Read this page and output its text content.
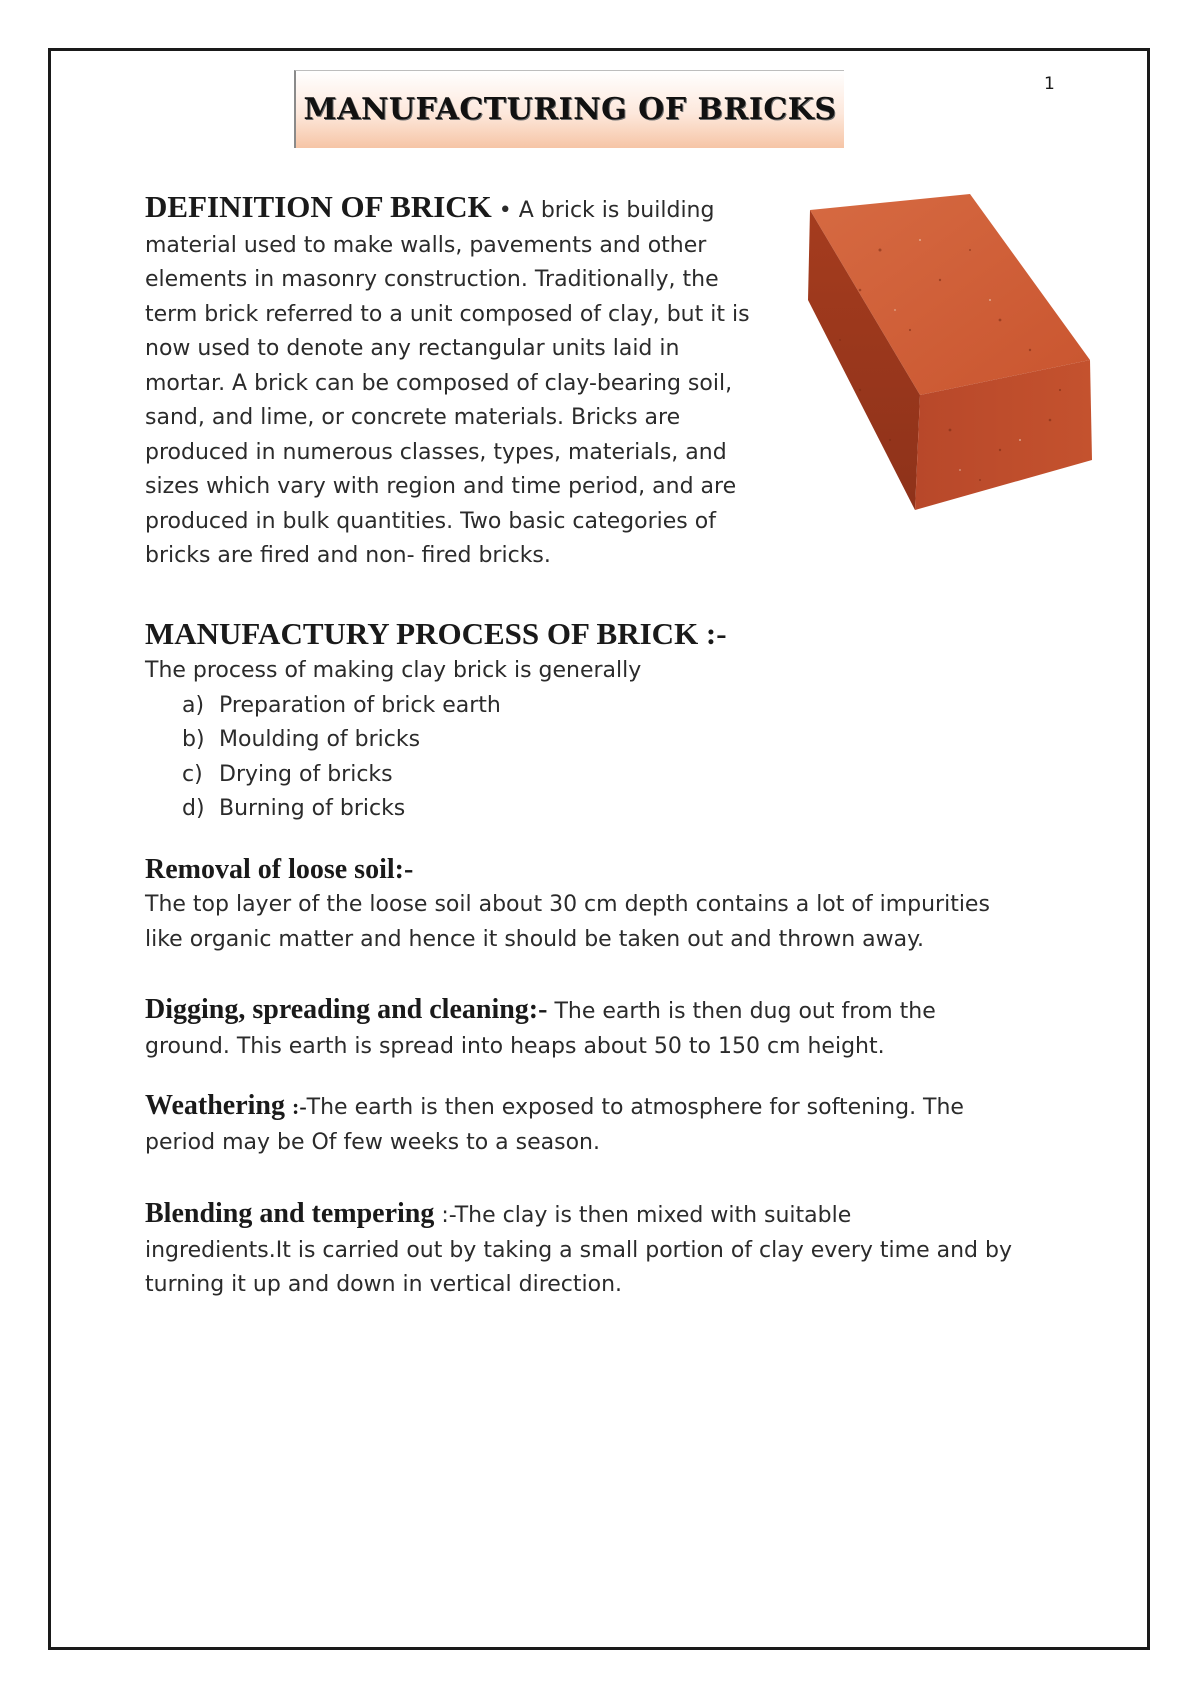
1
MANUFACTURING OF BRICKS
DEFINITION OF BRICK • A brick is building
material used to make walls, pavements and other
elements in masonry construction. Traditionally, the
term brick referred to a unit composed of clay, but it is
now used to denote any rectangular units laid in
mortar. A brick can be composed of clay-bearing soil,
sand, and lime, or concrete materials. Bricks are
produced in numerous classes, types, materials, and
sizes which vary with region and time period, and are
produced in bulk quantities. Two basic categories of
bricks are fired and non- fired bricks.
MANUFACTURY PROCESS OF BRICK :-
The process of making clay brick is generally
a) Preparation of brick earth
b) Moulding of bricks
c) Drying of bricks
d) Burning of bricks
Removal of loose soil:-
The top layer of the loose soil about 30 cm depth contains a lot of impurities
like organic matter and hence it should be taken out and thrown away.
Digging, spreading and cleaning:- The earth is then dug out from the
ground. This earth is spread into heaps about 50 to 150 cm height.
Weathering :-The earth is then exposed to atmosphere for softening. The
period may be Of few weeks to a season.
Blending and tempering :-The clay is then mixed with suitable
ingredients.It is carried out by taking a small portion of clay every time and by
turning it up and down in vertical direction.
